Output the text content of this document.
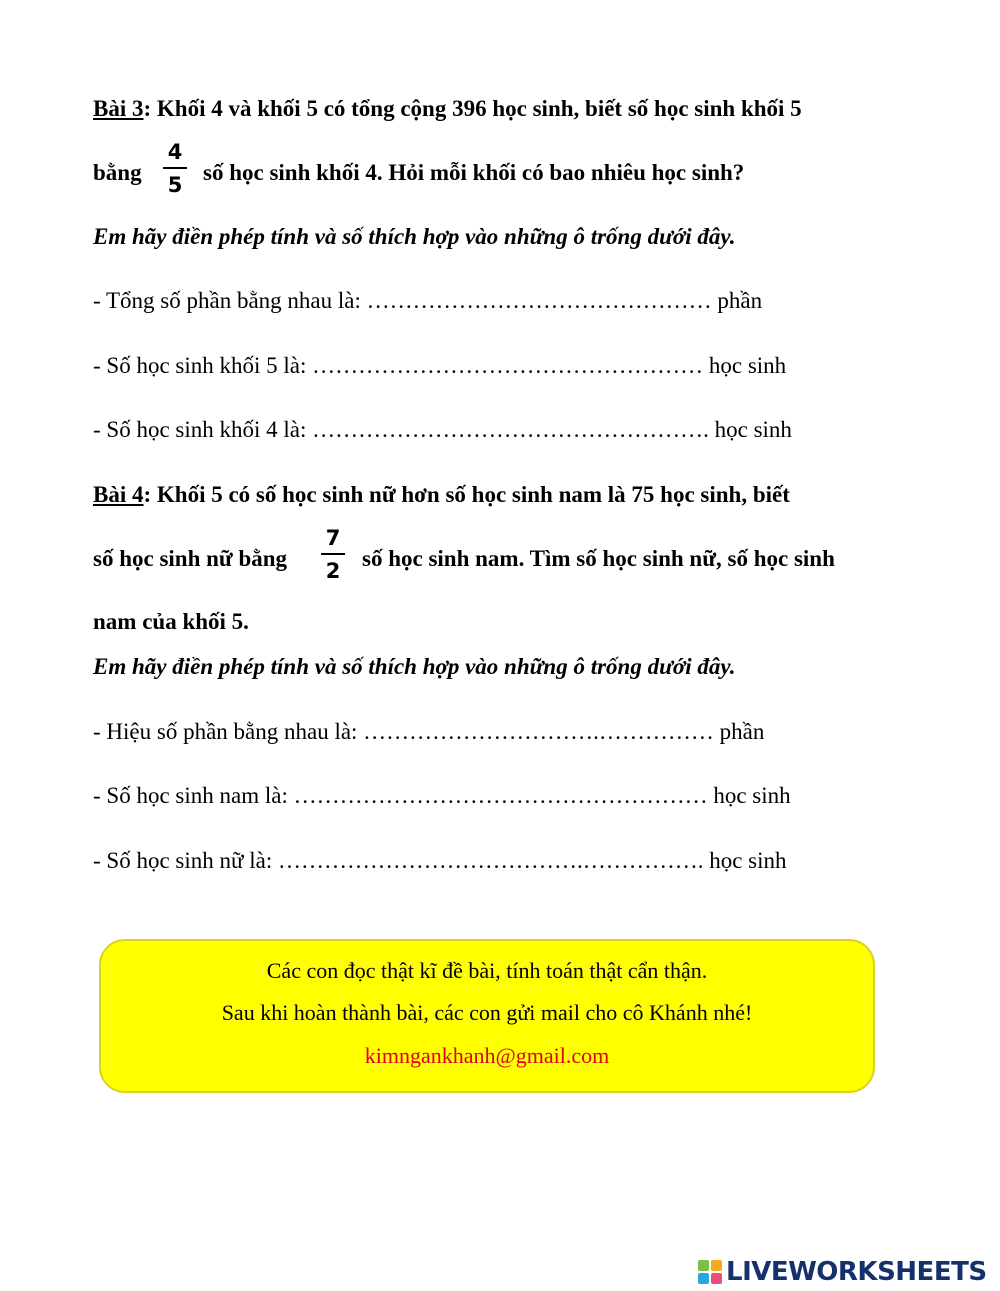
Bài 3: Khối 4 và khối 5 có tổng cộng 396 học sinh, biết số học sinh khối 5
bằng
4
5 số học sinh khối 4. Hỏi mỗi khối có bao nhiêu học sinh?
Em hãy điền phép tính và số thích hợp vào những ô trống dưới đây.
- Tổng số phần bằng nhau là: ……………………………………… phần
- Số học sinh khối 5 là: …………………………………………… học sinh
- Số học sinh khối 4 là: ……………………………………………. học sinh
Bài 4: Khối 5 có số học sinh nữ hơn số học sinh nam là 75 học sinh, biết
số học sinh nữ bằng
7
2 số học sinh nam. Tìm số học sinh nữ, số học sinh
nam của khối 5.
Em hãy điền phép tính và số thích hợp vào những ô trống dưới đây.
- Hiệu số phần bằng nhau là: ………………………….…………… phần
- Số học sinh nam là: ……………………………………………… học sinh
- Số học sinh nữ là: ………………………………….……………. học sinh
Các con đọc thật kĩ đề bài, tính toán thật cẩn thận.
Sau khi hoàn thành bài, các con gửi mail cho cô Khánh nhé!
kimngankhanh@gmail.com
LIVEWORKSHEETS
